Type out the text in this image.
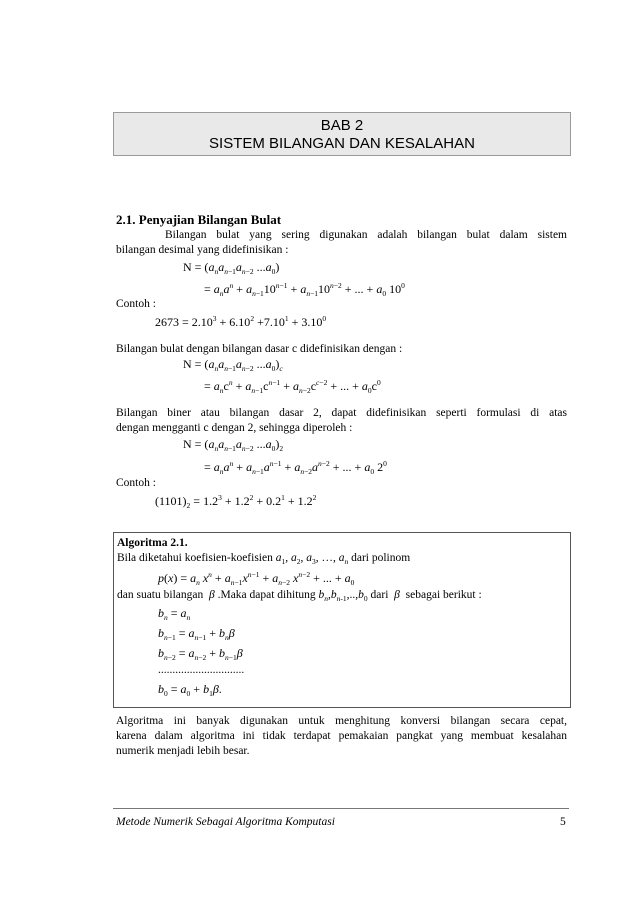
BAB 2
SISTEM BILANGAN DAN KESALAHAN
2.1. Penyajian Bilangan Bulat
Bilangan bulat yang sering digunakan adalah bilangan bulat dalam sistem
bilangan desimal yang didefinisikan :
$N = (a_na_{n-1}a_{n-2}$ $...a_0$)
= $a_na^n + a_{n-1}10^{n-1} + a_{n-1}10^{n-2}$ + ... + $a_0$ $10^0$
Contoh :
$2673 = 2.10^3 + 6.10^2 +7.10^1 + 3.10^0$
Bilangan bulat dengan bilangan dasar c didefinisikan dengan :
$N = (a_na_{n-1}a_{n-2}$ $...a_0)_c$
= $a_nc^n + a_{n-1}c^{n-1} + a_{n-2}c^{c-2}$ + ... + $a_0c^0$
Bilangan biner atau bilangan dasar 2, dapat didefinisikan seperti formulasi di atas
dengan mengganti c dengan 2, sehingga diperoleh :
$N = (a_na_{n-1}a_{n-2}$ $...a_0)_2$
= $a_na^n + a_{n-1}a^{n-1} + a_{n-2}a^{n-2}$ + ... + $a_0$ $2^0$
Contoh :
$(1101)_2 = 1.2^3 + 1.2^2 + 0.2^1 + 1.2^2$
Algoritma 2.1.
Bila diketahui koefisien-koefisien $a_1$, $a_2$, $a_3$, …, $a_n$ dari polinom
$p(x) = a_n$ $x^n + a_{n-1}x^{n-1} + a_{n-2}$ $x^{n-2}$ + ... + $a_0$
dan suatu bilangan  β .Maka dapat dihitung $b_n,b_{n-1},..,b_0$ dari  β  sebagai berikut :
$b_n = a_n$
$b_{n-1} = a_{n-1} + b_n\beta$
$b_{n-2} = a_{n-2} + b_{n-1}\beta$
..............................
$b_0 = a_0 + b_1\beta$.
Algoritma ini banyak digunakan untuk menghitung konversi bilangan secara cepat,
karena dalam algoritma ini tidak terdapat pemakaian pangkat yang membuat kesalahan
numerik menjadi lebih besar.
Metode Numerik Sebagai Algoritma Komputasi	5
